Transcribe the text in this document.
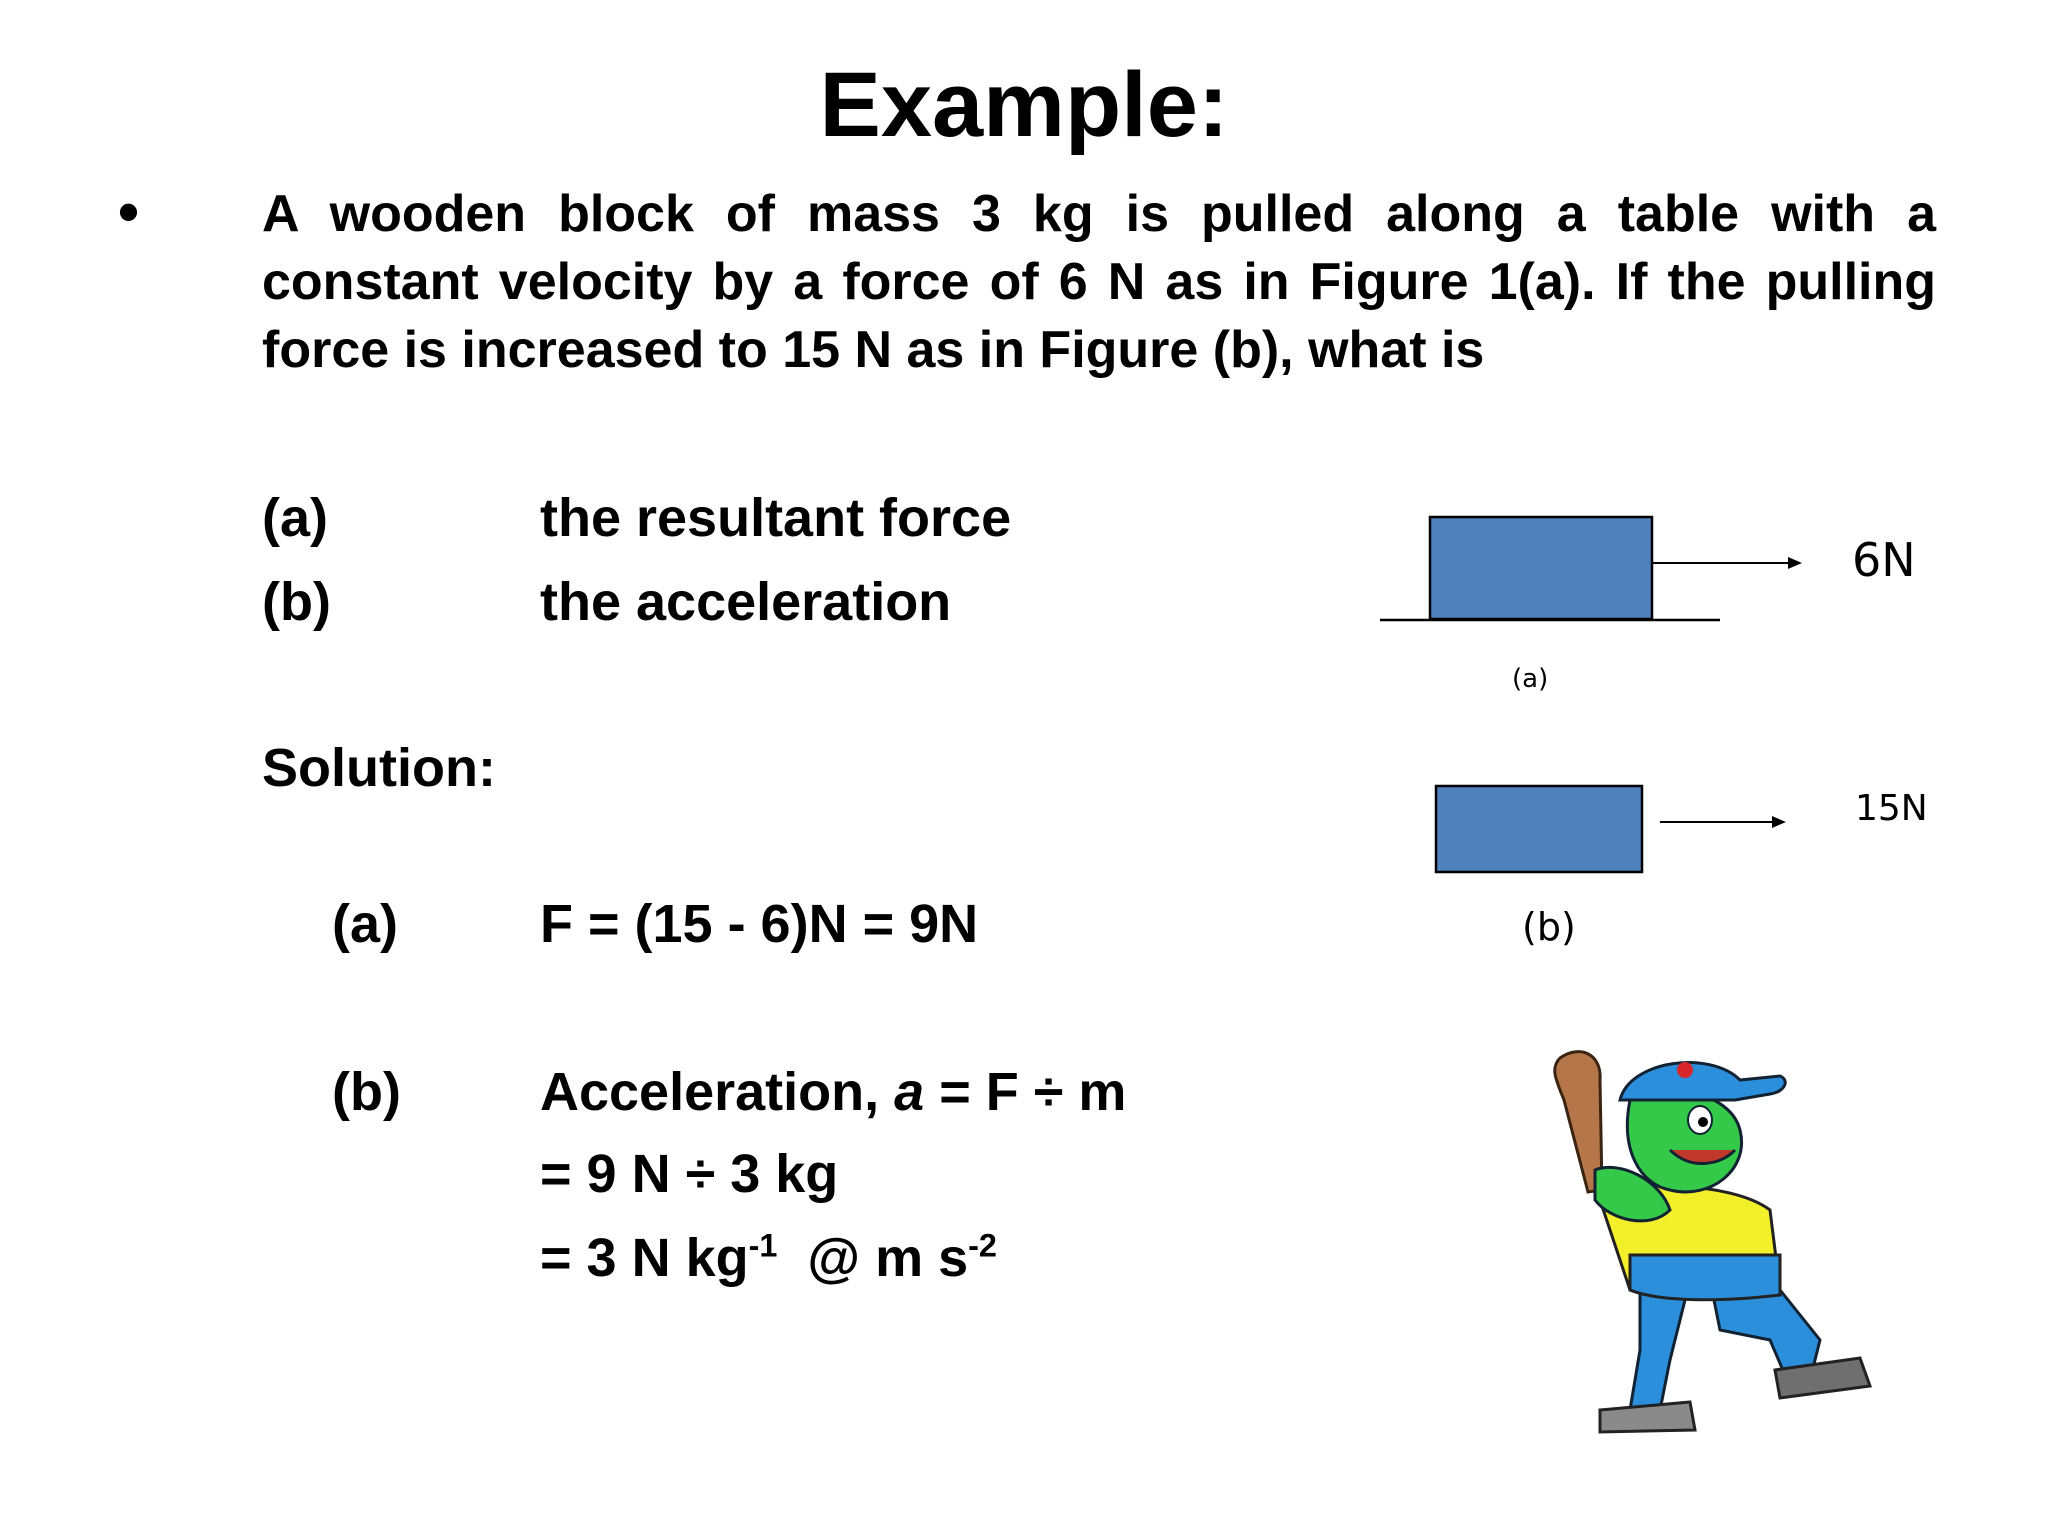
Example:
• A wooden block of mass 3 kg is pulled along a table with a constant velocity by a force of 6 N as in Figure 1(a). If the pulling force is increased to 15 N as in Figure (b), what is
(a)	the resultant force
(b)	the acceleration
Solution:
(a)	F = (15 - 6)N = 9N
(b)	Acceleration, a = F ÷ m
= 9 N ÷ 3 kg
= 3 N $kg^{-1}$  @ m $s^{-2}$
6N
(a)
15N
(b)
